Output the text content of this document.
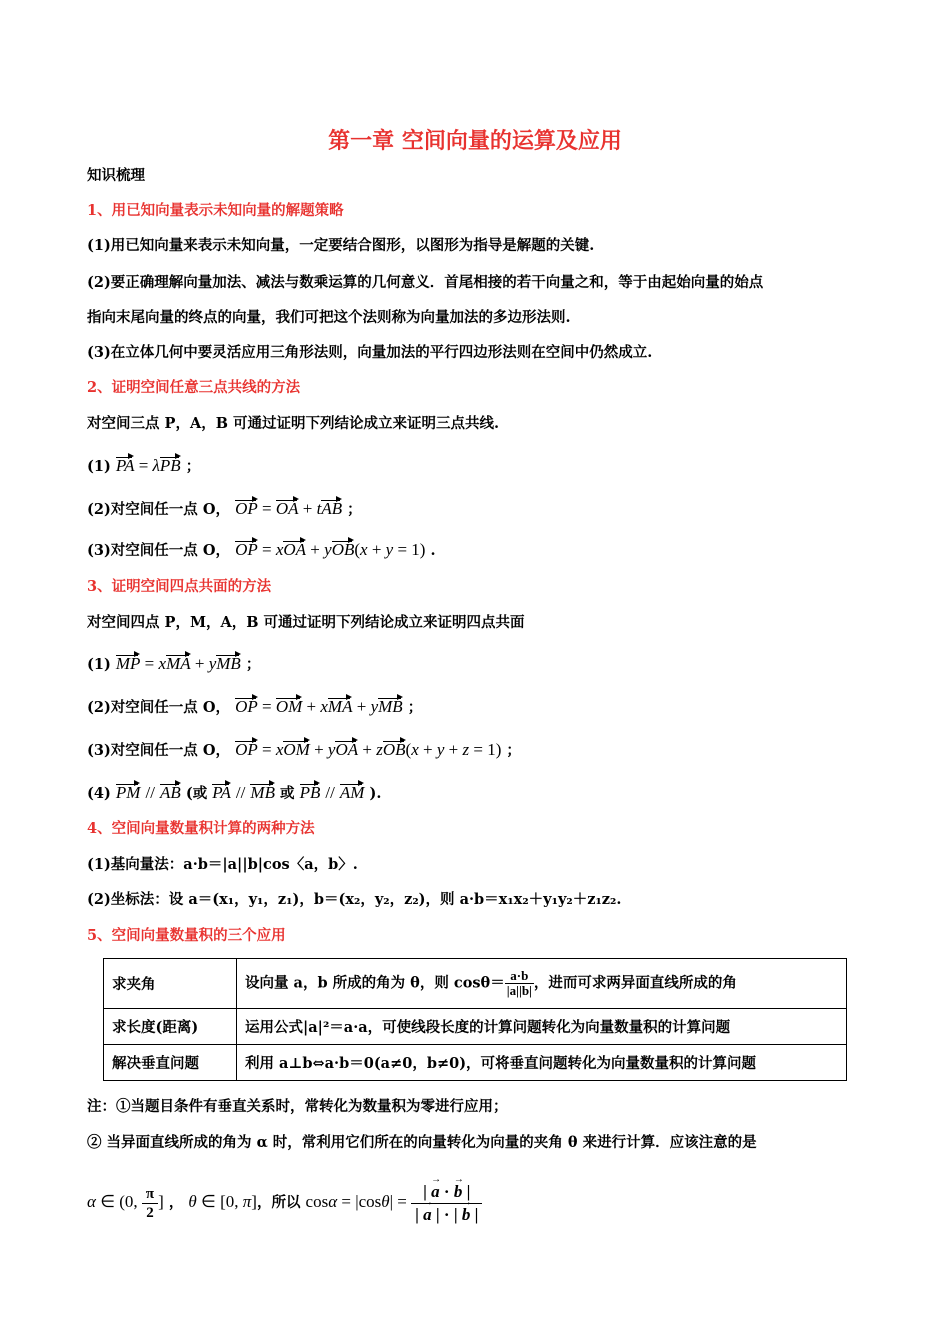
第一章 空间向量的运算及应用
知识梳理
1、用已知向量表示未知向量的解题策略
(1)用已知向量来表示未知向量，一定要结合图形，以图形为指导是解题的关键.
(2)要正确理解向量加法、减法与数乘运算的几何意义．首尾相接的若干向量之和，等于由起始向量的始点
指向末尾向量的终点的向量，我们可把这个法则称为向量加法的多边形法则.
(3)在立体几何中要灵活应用三角形法则，向量加法的平行四边形法则在空间中仍然成立.
2、证明空间任意三点共线的方法
对空间三点 P，A，B 可通过证明下列结论成立来证明三点共线.
(1) PA = λPB ；
(2)对空间任一点 O， OP = OA + tAB ；
(3)对空间任一点 O， OP = xOA + yOB(x + y = 1) .
3、证明空间四点共面的方法
对空间四点 P，M，A，B 可通过证明下列结论成立来证明四点共面
(1) MP = xMA + yMB ；
(2)对空间任一点 O， OP = OM + xMA + yMB ；
(3)对空间任一点 O， OP = xOM + yOA + zOB(x + y + z = 1) ；
(4) PM // AB (或 PA // MB 或 PB // AM ).
4、空间向量数量积计算的两种方法
(1)基向量法：a·b＝|a||b|cos〈a，b〉.
(2)坐标法：设 a＝(x₁，y₁，z₁)，b＝(x₂，y₂，z₂)，则 a·b＝x₁x₂＋y₁y₂＋z₁z₂.
5、空间向量数量积的三个应用
求夹角	设向量 a，b 所成的角为 θ，则 $\cos\theta= \frac{a\cdot b}{|a||b|}$ ，进而可求两异面直线所成的角
求长度(距离)	运用公式|a|²＝a·a，可使线段长度的计算问题转化为向量数量积的计算问题
解决垂直问题	利用 a⊥b⇔a·b＝0(a≠0，b≠0)，可将垂直问题转化为向量数量积的计算问题
注：①当题目条件有垂直关系时，常转化为数量积为零进行应用；
② 当异面直线所成的角为 α 时，常利用它们所在的向量转化为向量的夹角 θ 来进行计算．应该注意的是
α ∈ (0, $\frac{\pi}{2}$ ] ， θ ∈ [0, π]，所以 $\cos\alpha = |\cos\theta| = \frac{| a \to \cdot b \to |}{| a \to | \cdot | b \to |}$
